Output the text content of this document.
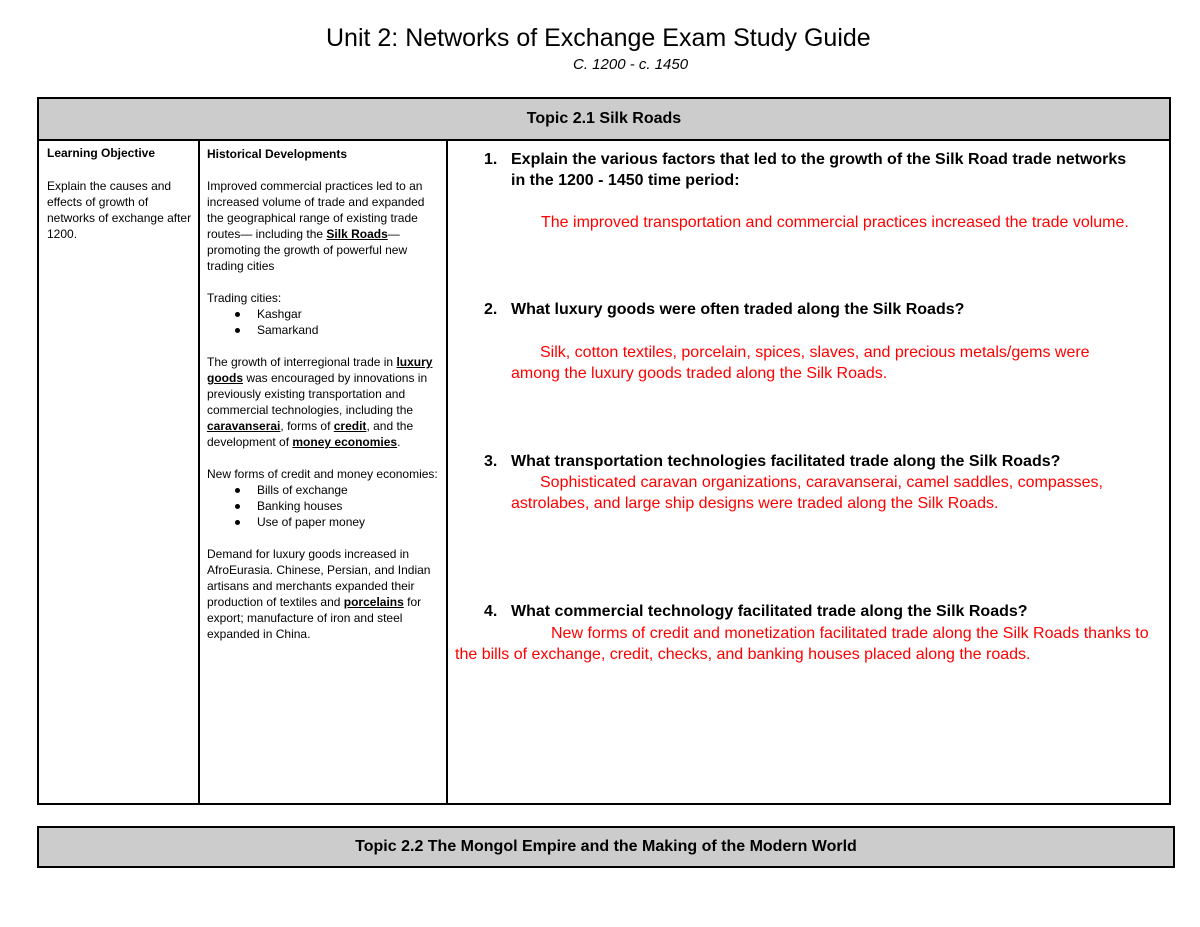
Unit 2: Networks of Exchange Exam Study Guide
C. 1200 - c. 1450
Topic 2.1 Silk Roads
Learning Objective
Explain the causes and effects of growth of networks of exchange after 1200.

Historical Developments

Improved commercial practices led to an increased volume of trade and expanded the geographical range of existing trade routes— including the Silk Roads—promoting the growth of powerful new trading cities

Trading cities:

Kashgar
Samarkand

The growth of interregional trade in luxury goods was encouraged by innovations in previously existing transportation and commercial technologies, including the caravanserai, forms of credit, and the development of money economies.

New forms of credit and money economies:

Bills of exchange
Banking houses
Use of paper money

Demand for luxury goods increased in AfroEurasia. Chinese, Persian, and Indian artisans and merchants expanded their production of textiles and porcelains for export; manufacture of iron and steel expanded in China.

1. Explain the various factors that led to the growth of the Silk Road trade networks in the 1200 - 1450 time period:
The improved transportation and commercial practices increased the trade volume.
2. What luxury goods were often traded along the Silk Roads?
Silk, cotton textiles, porcelain, spices, slaves, and precious metals/gems were among the luxury goods traded along the Silk Roads.
3. What transportation technologies facilitated trade along the Silk Roads?
Sophisticated caravan organizations, caravanserai, camel saddles, compasses, astrolabes, and large ship designs were traded along the Silk Roads.
4. What commercial technology facilitated trade along the Silk Roads?
New forms of credit and monetization facilitated trade along the Silk Roads thanks to the bills of exchange, credit, checks, and banking houses placed along the roads.
Topic 2.2 The Mongol Empire and the Making of the Modern World
